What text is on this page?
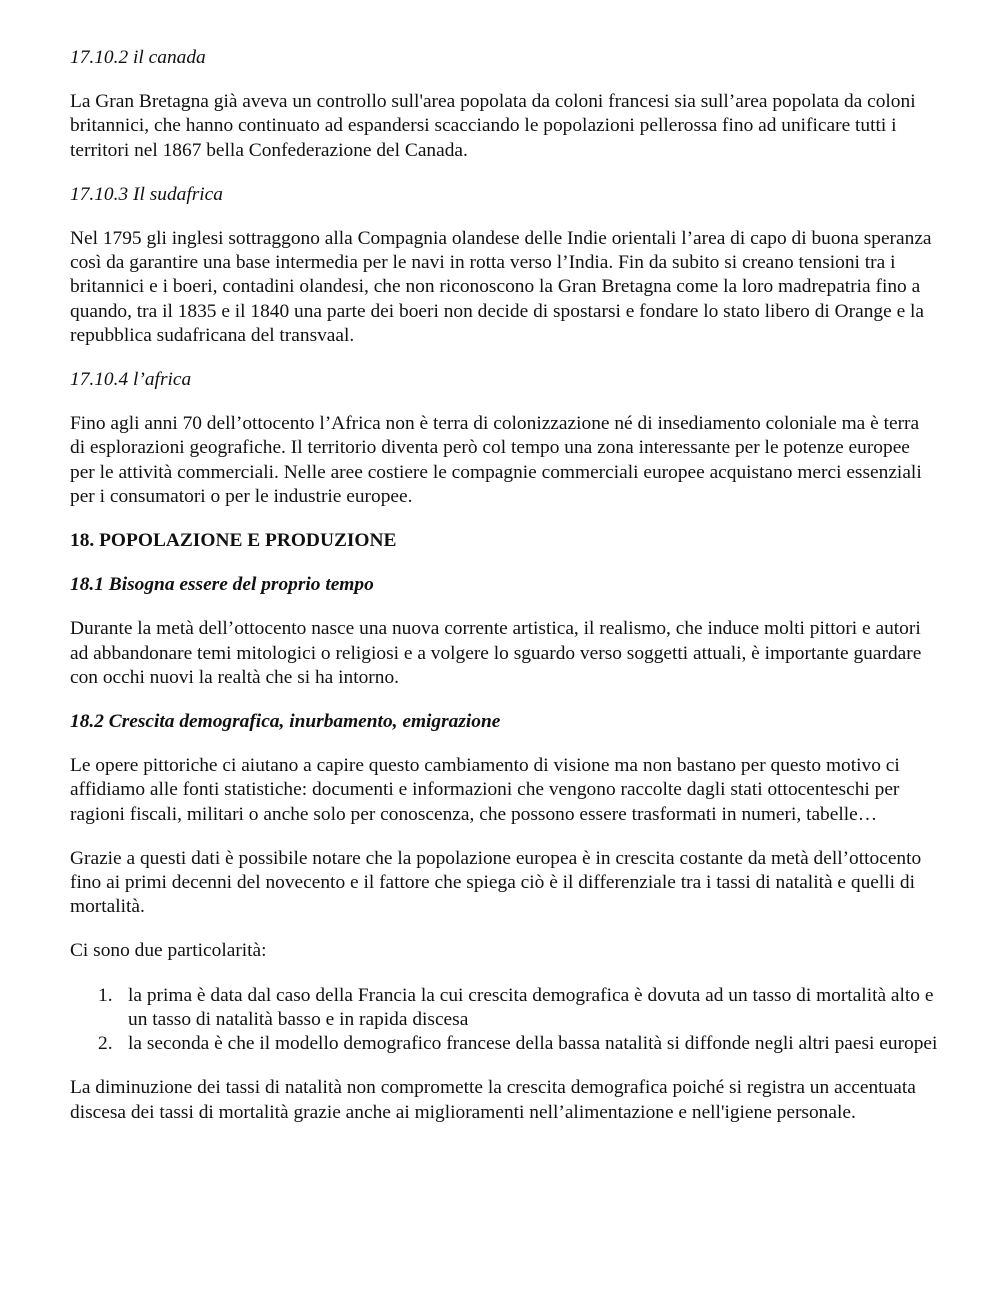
17.10.2 il canada

La Gran Bretagna già aveva un controllo sull'area popolata da coloni francesi sia sull’area popolata da coloni britannici, che hanno continuato ad espandersi scacciando le popolazioni pellerossa fino ad unificare tutti i territori nel 1867 bella Confederazione del Canada.

17.10.3 Il sudafrica

Nel 1795 gli inglesi sottraggono alla Compagnia olandese delle Indie orientali l’area di capo di buona speranza così da garantire una base intermedia per le navi in rotta verso l’India. Fin da subito si creano tensioni tra i britannici e i boeri, contadini olandesi, che non riconoscono la Gran Bretagna come la loro madrepatria fino a quando, tra il 1835 e il 1840 una parte dei boeri non decide di spostarsi e fondare lo stato libero di Orange e la repubblica sudafricana del transvaal.

17.10.4 l’africa

Fino agli anni 70 dell’ottocento l’Africa non è terra di colonizzazione né di insediamento coloniale ma è terra di esplorazioni geografiche. Il territorio diventa però col tempo una zona interessante per le potenze europee per le attività commerciali. Nelle aree costiere le compagnie commerciali europee acquistano merci essenziali per i consumatori o per le industrie europee.

18. POPOLAZIONE E PRODUZIONE

18.1 Bisogna essere del proprio tempo

Durante la metà dell’ottocento nasce una nuova corrente artistica, il realismo, che induce molti pittori e autori ad abbandonare temi mitologici o religiosi e a volgere lo sguardo verso soggetti attuali, è importante guardare con occhi nuovi la realtà che si ha intorno.

18.2 Crescita demografica, inurbamento, emigrazione

Le opere pittoriche ci aiutano a capire questo cambiamento di visione ma non bastano per questo motivo ci affidiamo alle fonti statistiche: documenti e informazioni che vengono raccolte dagli stati ottocenteschi per ragioni fiscali, militari o anche solo per conoscenza, che possono essere trasformati in numeri, tabelle…

Grazie a questi dati è possibile notare che la popolazione europea è in crescita costante da metà dell’ottocento fino ai primi decenni del novecento e il fattore che spiega ciò è il differenziale tra i tassi di natalità e quelli di mortalità.

Ci sono due particolarità:

1. la prima è data dal caso della Francia la cui crescita demografica è dovuta ad un tasso di mortalità alto e un tasso di natalità basso e in rapida discesa
2. la seconda è che il modello demografico francese della bassa natalità si diffonde negli altri paesi europei

La diminuzione dei tassi di natalità non compromette la crescita demografica poiché si registra un accentuata discesa dei tassi di mortalità grazie anche ai miglioramenti nell’alimentazione e nell'igiene personale.
